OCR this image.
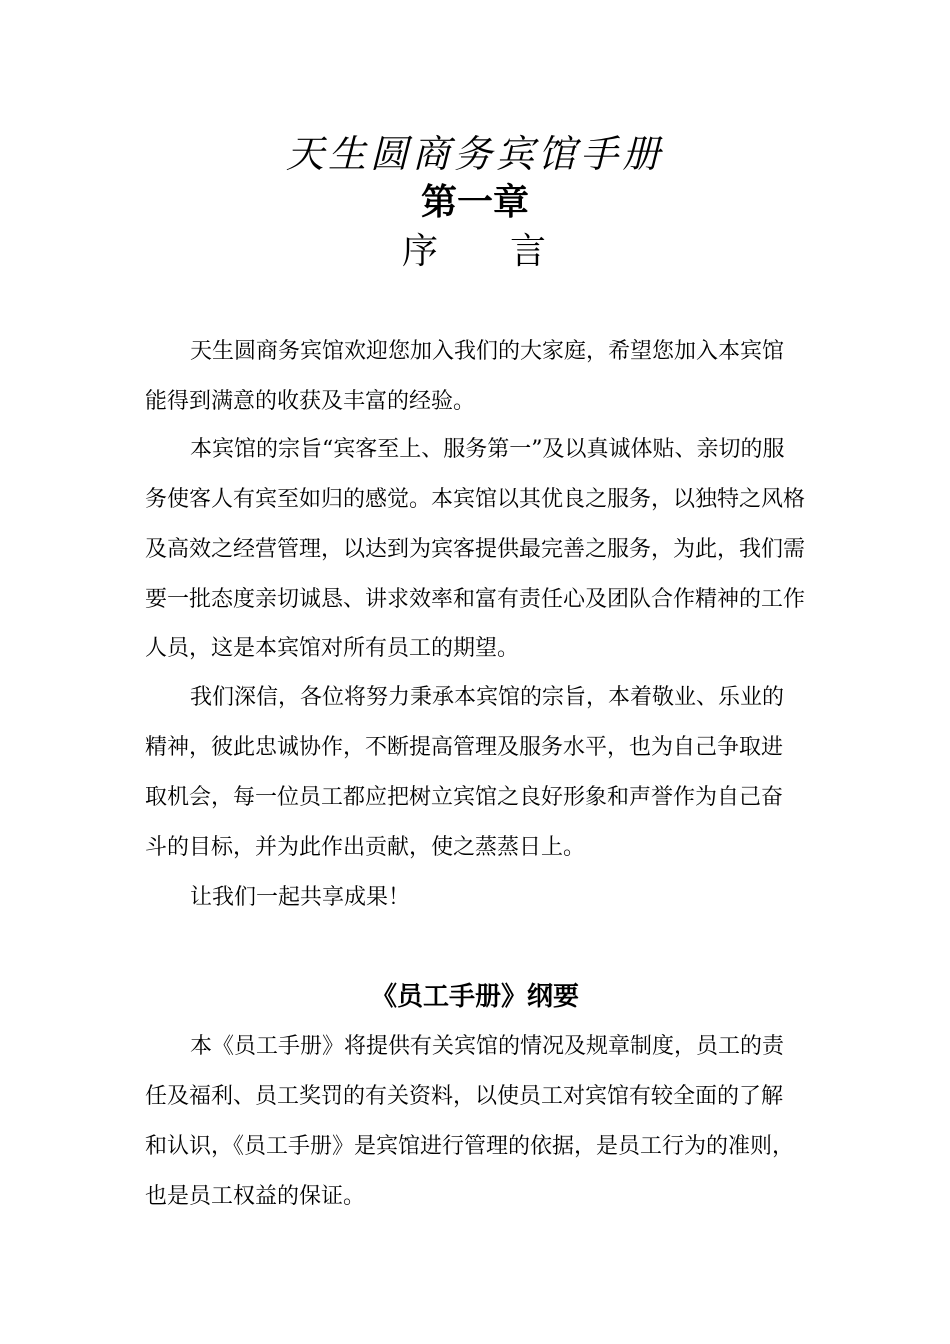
天生圆商务宾馆手册
第一章
序 言
天生圆商务宾馆欢迎您加入我们的大家庭，希望您加入本宾馆
能得到满意的收获及丰富的经验。
本宾馆的宗旨“宾客至上、服务第一”及以真诚体贴、亲切的服
务使客人有宾至如归的感觉。本宾馆以其优良之服务，以独特之风格
及高效之经营管理，以达到为宾客提供最完善之服务，为此，我们需
要一批态度亲切诚恳、讲求效率和富有责任心及团队合作精神的工作
人员，这是本宾馆对所有员工的期望。
我们深信，各位将努力秉承本宾馆的宗旨，本着敬业、乐业的
精神，彼此忠诚协作，不断提高管理及服务水平，也为自己争取进
取机会，每一位员工都应把树立宾馆之良好形象和声誉作为自己奋
斗的目标，并为此作出贡献，使之蒸蒸日上。
让我们一起共享成果！
《员工手册》纲要
本《员工手册》将提供有关宾馆的情况及规章制度，员工的责
任及福利、员工奖罚的有关资料，以使员工对宾馆有较全面的了解
和认识，《员工手册》是宾馆进行管理的依据，是员工行为的准则，
也是员工权益的保证。
